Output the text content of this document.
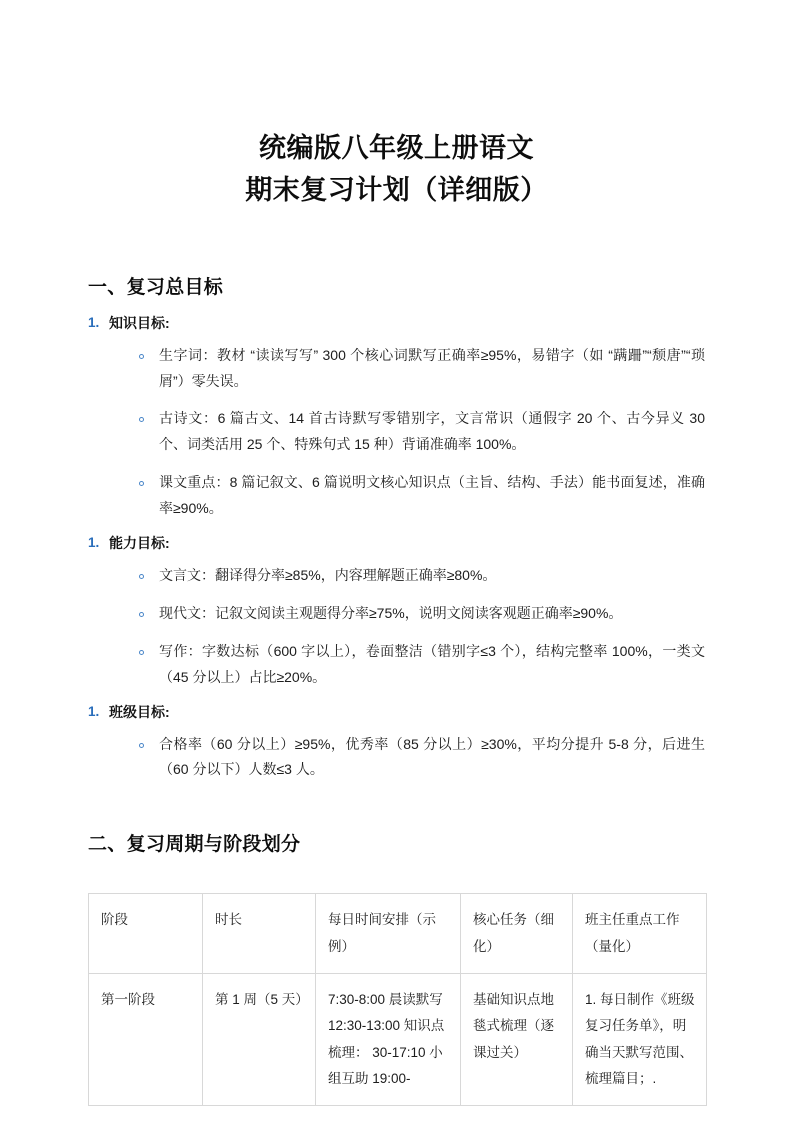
统编版八年级上册语文
期末复习计划（详细版）
一、复习总目标
1. 知识目标:
生字词：教材 “读读写写” 300 个核心词默写正确率≥95%，易错字（如 “蹒跚”“颓唐”“琐屑”）零失误。
古诗文：6 篇古文、14 首古诗默写零错别字，文言常识（通假字 20 个、古今异义 30 个、词类活用 25 个、特殊句式 15 种）背诵准确率 100%。
课文重点：8 篇记叙文、6 篇说明文核心知识点（主旨、结构、手法）能书面复述，准确率≥90%。
1. 能力目标:
文言文：翻译得分率≥85%，内容理解题正确率≥80%。
现代文：记叙文阅读主观题得分率≥75%，说明文阅读客观题正确率≥90%。
写作：字数达标（600 字以上），卷面整洁（错别字≤3 个），结构完整率 100%，一类文（45 分以上）占比≥20%。
1. 班级目标:
合格率（60 分以上）≥95%，优秀率（85 分以上）≥30%，平均分提升 5-8 分，后进生（60 分以下）人数≤3 人。
二、复习周期与阶段划分
阶段	时长	每日时间安排（示例）	核心任务（细化）	班主任重点工作（量化）
第一阶段	第 1 周（5 天）	7:30-8:00 晨读默写 12:30-13:00 知识点梳理： 30-17:10 小组互助 19:00-	基础知识点地毯式梳理（逐课过关）	1. 每日制作《班级复习任务单》，明确当天默写范围、梳理篇目；.
